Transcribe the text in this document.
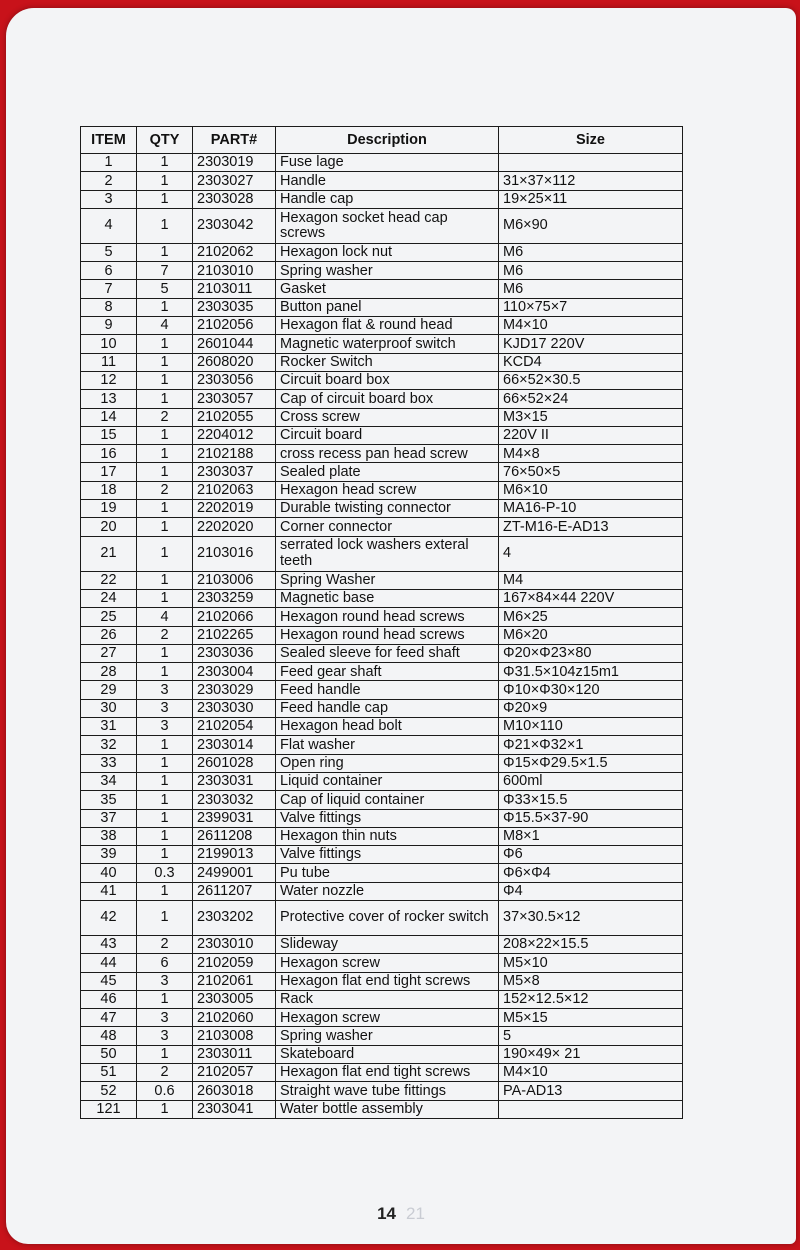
ITEM	QTY	PART#	Description	Size
1	1	2303019	Fuse lage	
2	1	2303027	Handle	31×37×112
3	1	2303028	Handle cap	19×25×11
4	1	2303042	Hexagon socket head cap screws	M6×90
5	1	2102062	Hexagon lock nut	M6
6	7	2103010	Spring washer	M6
7	5	2103011	Gasket	M6
8	1	2303035	Button panel	110×75×7
9	4	2102056	Hexagon flat & round head	M4×10
10	1	2601044	Magnetic waterproof switch	KJD17 220V
11	1	2608020	Rocker Switch	KCD4
12	1	2303056	Circuit board box	66×52×30.5
13	1	2303057	Cap of circuit board box	66×52×24
14	2	2102055	Cross screw	M3×15
15	1	2204012	Circuit board	220V II
16	1	2102188	cross recess pan head screw	M4×8
17	1	2303037	Sealed plate	76×50×5
18	2	2102063	Hexagon head screw	M6×10
19	1	2202019	Durable twisting connector	MA16-P-10
20	1	2202020	Corner connector	ZT-M16-E-AD13
21	1	2103016	serrated lock washers exteral teeth	4
22	1	2103006	Spring Washer	M4
24	1	2303259	Magnetic base	167×84×44 220V
25	4	2102066	Hexagon round head screws	M6×25
26	2	2102265	Hexagon round head screws	M6×20
27	1	2303036	Sealed sleeve for feed shaft	Φ20×Φ23×80
28	1	2303004	Feed gear shaft	Φ31.5×104z15m1
29	3	2303029	Feed handle	Φ10×Φ30×120
30	3	2303030	Feed handle cap	Φ20×9
31	3	2102054	Hexagon head bolt	M10×110
32	1	2303014	Flat washer	Φ21×Φ32×1
33	1	2601028	Open ring	Φ15×Φ29.5×1.5
34	1	2303031	Liquid container	600ml
35	1	2303032	Cap of liquid container	Φ33×15.5
37	1	2399031	Valve fittings	Φ15.5×37-90
38	1	2611208	Hexagon thin nuts	M8×1
39	1	2199013	Valve fittings	Φ6
40	0.3	2499001	Pu tube	Φ6×Φ4
41	1	2611207	Water nozzle	Φ4
42	1	2303202	Protective cover of rocker switch	37×30.5×12
43	2	2303010	Slideway	208×22×15.5
44	6	2102059	Hexagon screw	M5×10
45	3	2102061	Hexagon flat end tight screws	M5×8
46	1	2303005	Rack	152×12.5×12
47	3	2102060	Hexagon screw	M5×15
48	3	2103008	Spring washer	5
50	1	2303011	Skateboard	190×49× 21
51	2	2102057	Hexagon flat end tight screws	M4×10
52	0.6	2603018	Straight wave tube fittings	PA-AD13
121	1	2303041	Water bottle assembly	
14 21
